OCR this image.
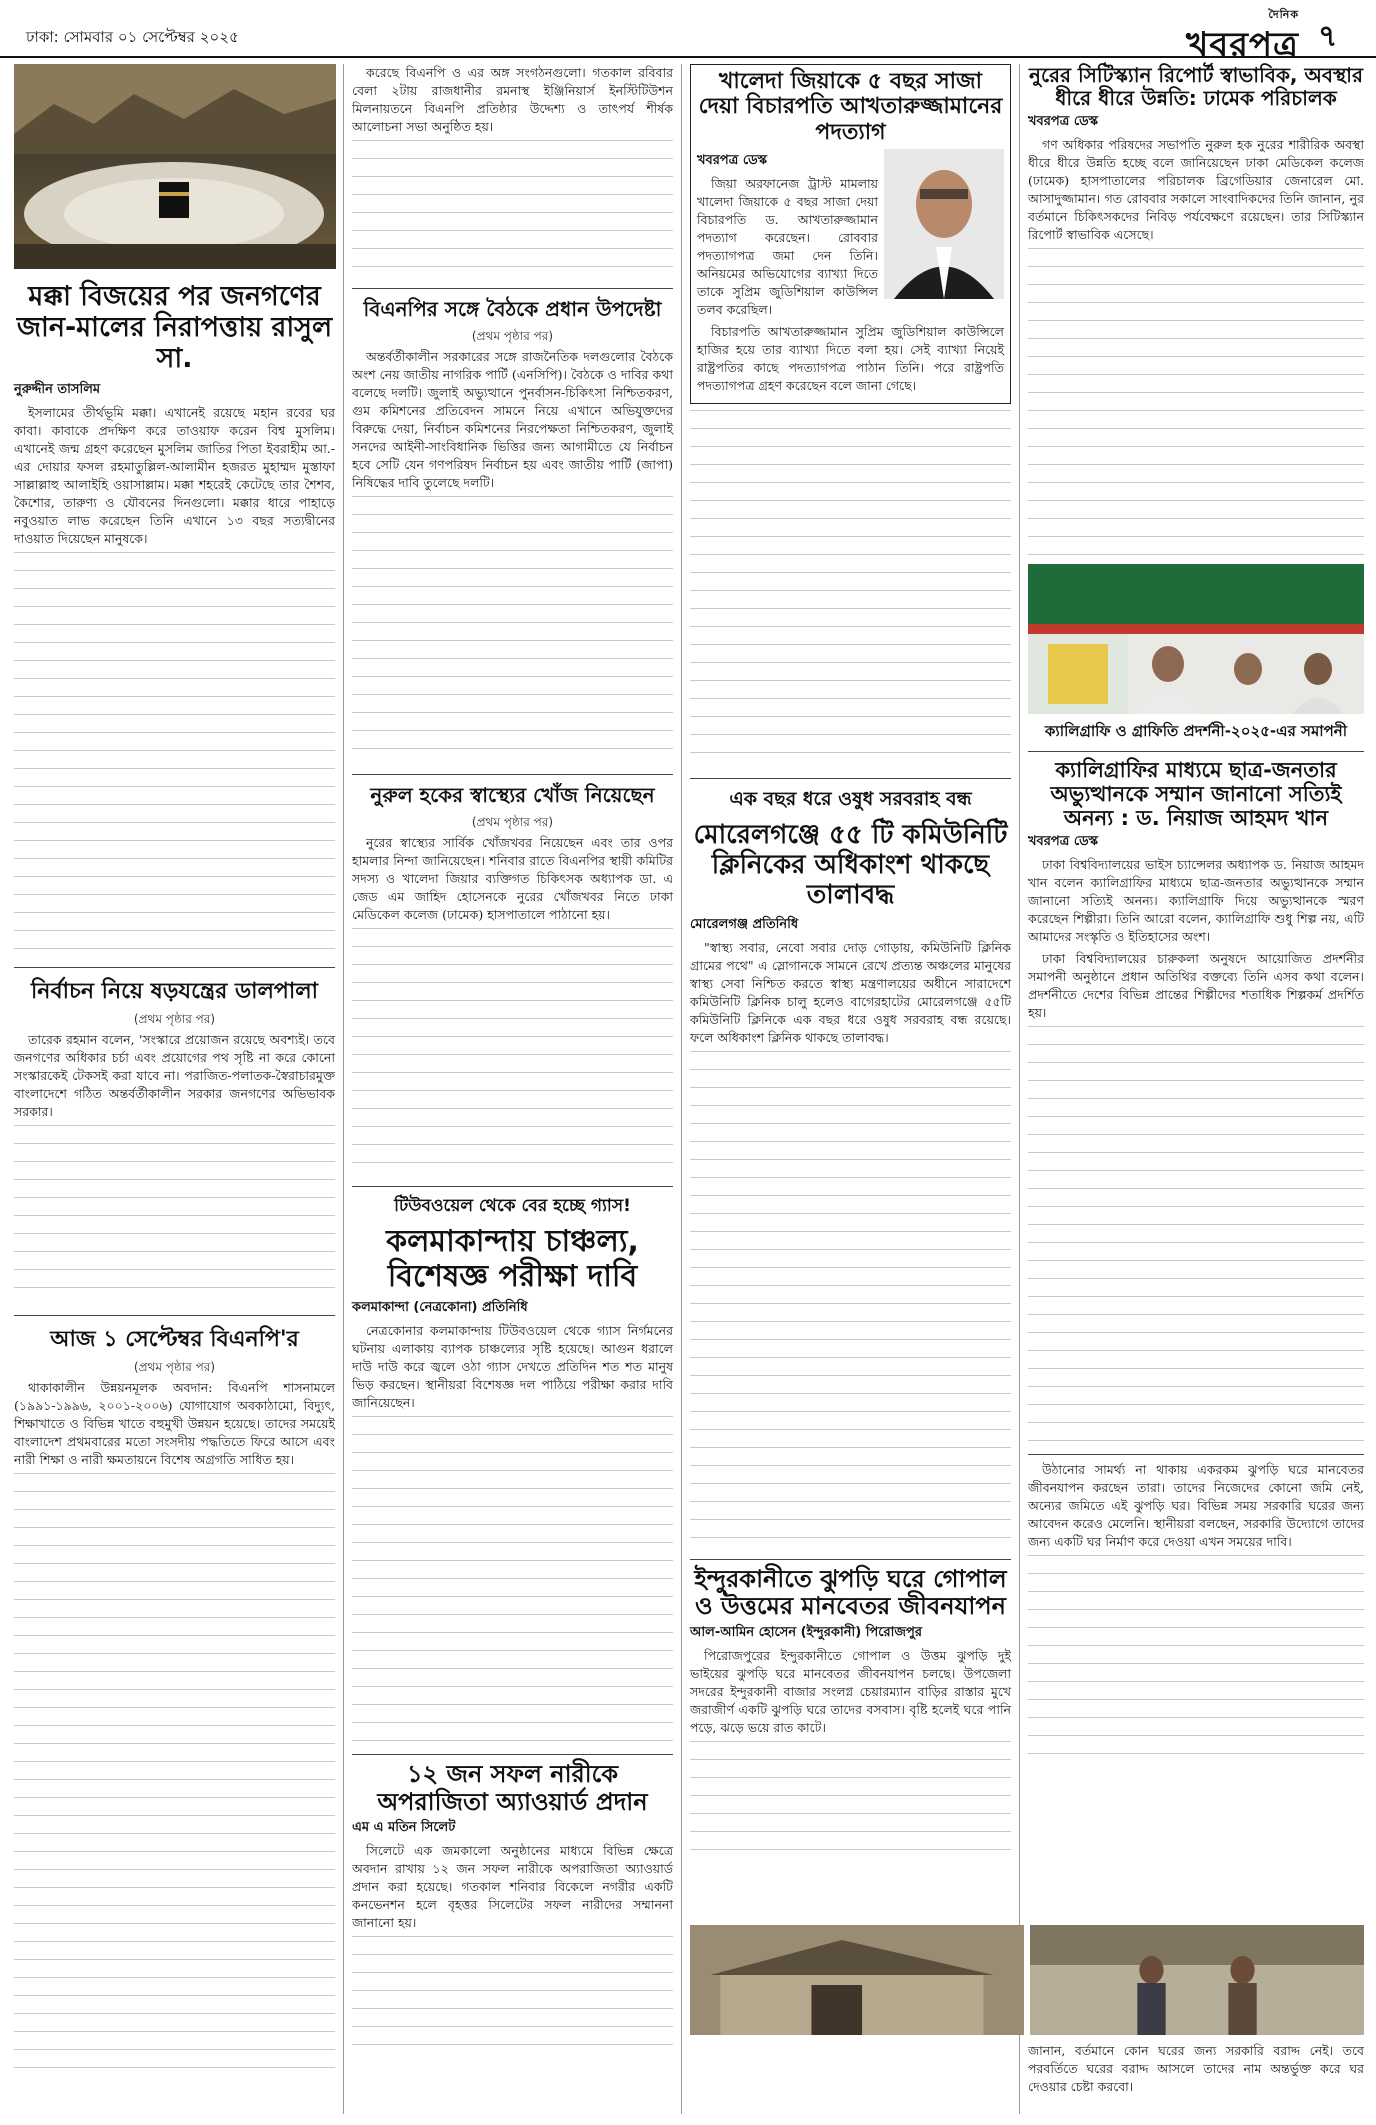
ঢাকা: সোমবার ০১ সেপ্টেম্বর ২০২৫
দৈনিক
খবরপত্র ৭
মক্কা বিজয়ের পর জনগণের জান-মালের নিরাপত্তায় রাসুল সা.
নুরুদ্দীন তাসলিম

ইসলামের তীর্থভূমি মক্কা। এখানেই রয়েছে মহান রবের ঘর কাবা। কাবাকে প্রদক্ষিণ করে তাওয়াফ করেন বিশ্ব মুসলিম। এখানেই জন্ম গ্রহণ করেছেন মুসলিম জাতির পিতা ইবরাহীম আ.-এর দোয়ার ফসল রহমাতুল্লিল-আলামীন হজরত মুহাম্মদ মুস্তাফা সাল্লাল্লাহু আলাইহি ওয়াসাল্লাম। মক্কা শহরেই কেটেছে তার শৈশব, কৈশোর, তারুণ্য ও যৌবনের দিনগুলো। মক্কার ধারে পাহাড়ে নবুওয়াত লাভ করেছেন তিনি এখানে ১৩ বছর সত্যদ্বীনের দাওয়াত দিয়েছেন মানুষকে।

নির্বাচন নিয়ে ষড়যন্ত্রের ডালপালা
(প্রথম পৃষ্ঠার পর)

তারেক রহমান বলেন, 'সংস্কারে প্রয়োজন রয়েছে অবশ্যই। তবে জনগণের অধিকার চর্চা এবং প্রয়োগের পথ সৃষ্টি না করে কোনো সংস্কারকেই টেকসই করা যাবে না। পরাজিত-পলাতক-স্বৈরাচারমুক্ত বাংলাদেশে গঠিত অন্তর্বর্তীকালীন সরকার জনগণের অভিভাবক সরকার।

আজ ১ সেপ্টেম্বর বিএনপি'র
(প্রথম পৃষ্ঠার পর)

থাকাকালীন উন্নয়নমূলক অবদান: বিএনপি শাসনামলে (১৯৯১-১৯৯৬, ২০০১-২০০৬) যোগাযোগ অবকাঠামো, বিদ্যুৎ, শিক্ষাখাতে ও বিভিন্ন খাতে বহুমুখী উন্নয়ন হয়েছে। তাদের সময়েই বাংলাদেশ প্রথমবারের মতো সংসদীয় পদ্ধতিতে ফিরে আসে এবং নারী শিক্ষা ও নারী ক্ষমতায়নে বিশেষ অগ্রগতি সাধিত হয়।

করেছে বিএনপি ও এর অঙ্গ সংগঠনগুলো। গতকাল রবিবার বেলা ২টায় রাজধানীর রমনাস্থ ইঞ্জিনিয়ার্স ইনস্টিটিউশন মিলনায়তনে বিএনপি প্রতিষ্ঠার উদ্দেশ্য ও তাৎপর্য শীর্ষক আলোচনা সভা অনুষ্ঠিত হয়।

বিএনপির সঙ্গে বৈঠকে প্রধান উপদেষ্টা
(প্রথম পৃষ্ঠার পর)

অন্তর্বর্তীকালীন সরকারের সঙ্গে রাজনৈতিক দলগুলোর বৈঠকে অংশ নেয় জাতীয় নাগরিক পার্টি (এনসিপি)। বৈঠকে ও দাবির কথা বলেছে দলটি। জুলাই অভ্যুত্থানে পুনর্বাসন-চিকিৎসা নিশ্চিতকরণ, গুম কমিশনের প্রতিবেদন সামনে নিয়ে এখানে অভিযুক্তদের বিরুদ্ধে দেয়া, নির্বাচন কমিশনের নিরপেক্ষতা নিশ্চিতকরণ, জুলাই সনদের আইনী-সাংবিধানিক ভিত্তির জন্য আগামীতে যে নির্বাচন হবে সেটি যেন গণপরিষদ নির্বাচন হয় এবং জাতীয় পার্টি (জাপা) নিষিদ্ধের দাবি তুলেছে দলটি।

নুরুল হকের স্বাস্থ্যের খোঁজ নিয়েছেন
(প্রথম পৃষ্ঠার পর)

নুরের স্বাস্থ্যের সার্বিক খোঁজখবর নিয়েছেন এবং তার ওপর হামলার নিন্দা জানিয়েছেন। শনিবার রাতে বিএনপির স্থায়ী কমিটির সদস্য ও খালেদা জিয়ার ব্যক্তিগত চিকিৎসক অধ্যাপক ডা. এ জেড এম জাহিদ হোসেনকে নুরের খোঁজখবর নিতে ঢাকা মেডিকেল কলেজ (ঢামেক) হাসপাতালে পাঠানো হয়।

টিউবওয়েল থেকে বের হচ্ছে গ্যাস!
কলমাকান্দায় চাঞ্চল্য, বিশেষজ্ঞ পরীক্ষা দাবি
কলমাকান্দা (নেত্রকোনা) প্রতিনিধি

নেত্রকোনার কলমাকান্দায় টিউবওয়েল থেকে গ্যাস নির্গমনের ঘটনায় এলাকায় ব্যাপক চাঞ্চল্যের সৃষ্টি হয়েছে। আগুন ধরালে দাউ দাউ করে জ্বলে ওঠা গ্যাস দেখতে প্রতিদিন শত শত মানুষ ভিড় করছেন। স্থানীয়রা বিশেষজ্ঞ দল পাঠিয়ে পরীক্ষা করার দাবি জানিয়েছেন।

১২ জন সফল নারীকে অপরাজিতা অ্যাওয়ার্ড প্রদান
এম এ মতিন সিলেট

সিলেটে এক জমকালো অনুষ্ঠানের মাধ্যমে বিভিন্ন ক্ষেত্রে অবদান রাখায় ১২ জন সফল নারীকে অপরাজিতা অ্যাওয়ার্ড প্রদান করা হয়েছে। গতকাল শনিবার বিকেলে নগরীর একটি কনভেনশন হলে বৃহত্তর সিলেটের সফল নারীদের সম্মাননা জানানো হয়।

খালেদা জিয়াকে ৫ বছর সাজা দেয়া বিচারপতি আখতারুজ্জামানের পদত্যাগ
খবরপত্র ডেস্ক

জিয়া অরফানেজ ট্রাস্ট মামলায় খালেদা জিয়াকে ৫ বছর সাজা দেয়া বিচারপতি ড. আখতারুজ্জামান পদত্যাগ করেছেন। রোববার পদত্যাগপত্র জমা দেন তিনি। অনিয়মের অভিযোগের ব্যাখ্যা দিতে তাকে সুপ্রিম জুডিশিয়াল কাউন্সিল তলব করেছিল।

বিচারপতি আখতারুজ্জামান সুপ্রিম জুডিশিয়াল কাউন্সিলে হাজির হয়ে তার ব্যাখ্যা দিতে বলা হয়। সেই ব্যাখ্যা নিয়েই রাষ্ট্রপতির কাছে পদত্যাগপত্র পাঠান তিনি। পরে রাষ্ট্রপতি পদত্যাগপত্র গ্রহণ করেছেন বলে জানা গেছে।

এক বছর ধরে ওষুধ সরবরাহ বন্ধ
মোরেলগঞ্জে ৫৫ টি কমিউনিটি ক্লিনিকের অধিকাংশ থাকছে তালাবদ্ধ
মোরেলগঞ্জ প্রতিনিধি

"স্বাস্থ্য সবার, নেবো সবার দোড় গোড়ায়, কমিউনিটি ক্লিনিক গ্রামের পথে" এ স্লোগানকে সামনে রেখে প্রত্যন্ত অঞ্চলের মানুষের স্বাস্থ্য সেবা নিশ্চিত করতে স্বাস্থ্য মন্ত্রণালয়ের অধীনে সারাদেশে কমিউনিটি ক্লিনিক চালু হলেও বাগেরহাটের মোরেলগঞ্জে ৫৫টি কমিউনিটি ক্লিনিকে এক বছর ধরে ওষুধ সরবরাহ বন্ধ রয়েছে। ফলে অধিকাংশ ক্লিনিক থাকছে তালাবদ্ধ।

ইন্দুরকানীতে ঝুপড়ি ঘরে গোপাল ও উত্তমের মানবেতর জীবনযাপন
আল-আমিন হোসেন (ইন্দুরকানী) পিরোজপুর

পিরোজপুরের ইন্দুরকানীতে গোপাল ও উত্তম ঝুপড়ি দুই ভাইয়ের ঝুপড়ি ঘরে মানবেতর জীবনযাপন চলছে। উপজেলা সদরের ইন্দুরকানী বাজার সংলগ্ন চেয়ারম্যান বাড়ির রাস্তার মুখে জরাজীর্ণ একটি ঝুপড়ি ঘরে তাদের বসবাস। বৃষ্টি হলেই ঘরে পানি পড়ে, ঝড়ে ভয়ে রাত কাটে।

নুরের সিটিস্ক্যান রিপোর্ট স্বাভাবিক, অবস্থার ধীরে ধীরে উন্নতি: ঢামেক পরিচালক
খবরপত্র ডেস্ক

গণ অধিকার পরিষদের সভাপতি নুরুল হক নুরের শারীরিক অবস্থা ধীরে ধীরে উন্নতি হচ্ছে বলে জানিয়েছেন ঢাকা মেডিকেল কলেজ (ঢামেক) হাসপাতালের পরিচালক ব্রিগেডিয়ার জেনারেল মো. আসাদুজ্জামান। গত রোববার সকালে সাংবাদিকদের তিনি জানান, নুর বর্তমানে চিকিৎসকদের নিবিড় পর্যবেক্ষণে রয়েছেন। তার সিটিস্ক্যান রিপোর্ট স্বাভাবিক এসেছে।

ক্যালিগ্রাফি ও গ্রাফিতি প্রদর্শনী-২০২৫-এর সমাপনী
ক্যালিগ্রাফির মাধ্যমে ছাত্র-জনতার অভ্যুত্থানকে সম্মান জানানো সত্যিই অনন্য : ড. নিয়াজ আহমদ খান
খবরপত্র ডেস্ক

ঢাকা বিশ্ববিদ্যালয়ের ভাইস চ্যান্সেলর অধ্যাপক ড. নিয়াজ আহমদ খান বলেন ক্যালিগ্রাফির মাধ্যমে ছাত্র-জনতার অভ্যুত্থানকে সম্মান জানানো সত্যিই অনন্য। ক্যালিগ্রাফি দিয়ে অভ্যুত্থানকে স্মরণ করেছেন শিল্পীরা। তিনি আরো বলেন, ক্যালিগ্রাফি শুধু শিল্প নয়, এটি আমাদের সংস্কৃতি ও ইতিহাসের অংশ।

ঢাকা বিশ্ববিদ্যালয়ের চারুকলা অনুষদে আয়োজিত প্রদর্শনীর সমাপনী অনুষ্ঠানে প্রধান অতিথির বক্তব্যে তিনি এসব কথা বলেন। প্রদর্শনীতে দেশের বিভিন্ন প্রান্তের শিল্পীদের শতাধিক শিল্পকর্ম প্রদর্শিত হয়।

উঠানোর সামর্থ্য না থাকায় একরকম ঝুপড়ি ঘরে মানবেতর জীবনযাপন করছেন তারা। তাদের নিজেদের কোনো জমি নেই, অন্যের জমিতে এই ঝুপড়ি ঘর। বিভিন্ন সময় সরকারি ঘরের জন্য আবেদন করেও মেলেনি। স্থানীয়রা বলছেন, সরকারি উদ্যোগে তাদের জন্য একটি ঘর নির্মাণ করে দেওয়া এখন সময়ের দাবি।

জানান, বর্তমানে কোন ঘরের জন্য সরকারি বরাদ্দ নেই। তবে পরবর্তিতে ঘরের বরাদ্দ আসলে তাদের নাম অন্তর্ভুক্ত করে ঘর দেওয়ার চেষ্টা করবো।
